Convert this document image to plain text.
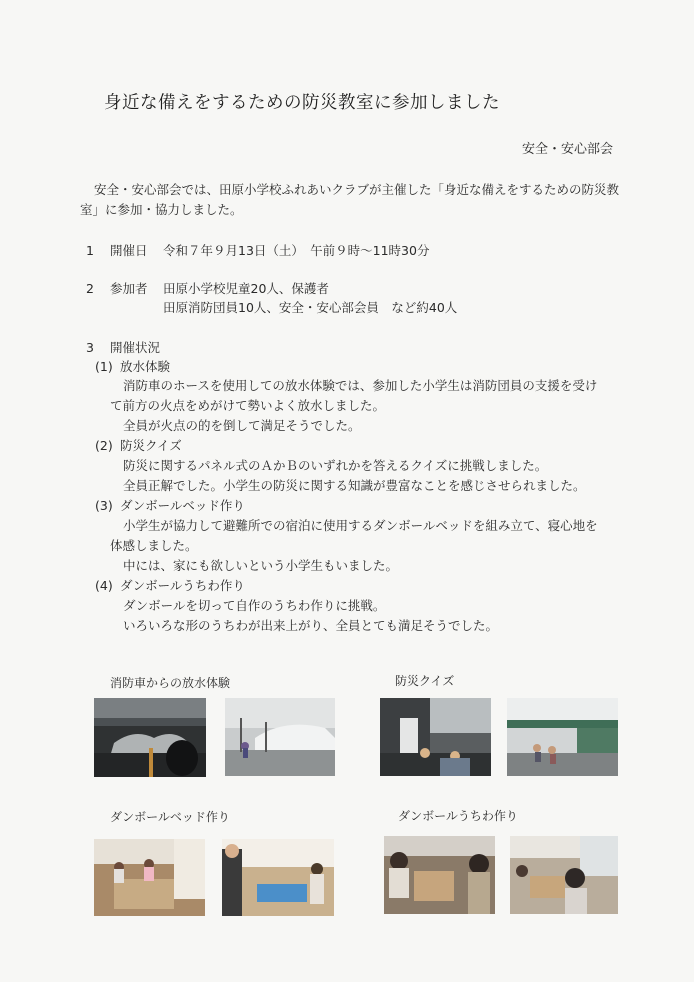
身近な備えをするための防災教室に参加しました
安全・安心部会
安全・安心部会では、田原小学校ふれあいクラブが主催した「身近な備えをするための防災教室」に参加・協力しました。
1 開催日 令和７年９月13日（土）　午前９時～11時30分
2 参加者 田原小学校児童20人、保護者
田原消防団員10人、安全・安心部会員　など約40人
3 開催状況
(1) 放水体験
消防車のホースを使用しての放水体験では、参加した小学生は消防団員の支援を受け
て前方の火点をめがけて勢いよく放水しました。
全員が火点の的を倒して満足そうでした。
(2) 防災クイズ
防災に関するパネル式のＡかＢのいずれかを答えるクイズに挑戦しました。
全員正解でした。小学生の防災に関する知識が豊富なことを感じさせられました。
(3) ダンボールベッド作り
小学生が協力して避難所での宿泊に使用するダンボールベッドを組み立て、寝心地を
体感しました。
中には、家にも欲しいという小学生もいました。
(4) ダンボールうちわ作り
ダンボールを切って自作のうちわ作りに挑戦。
いろいろな形のうちわが出来上がり、全員とても満足そうでした。
消防車からの放水体験	防災クイズ
ダンボールベッド作り	ダンボールうちわ作り
